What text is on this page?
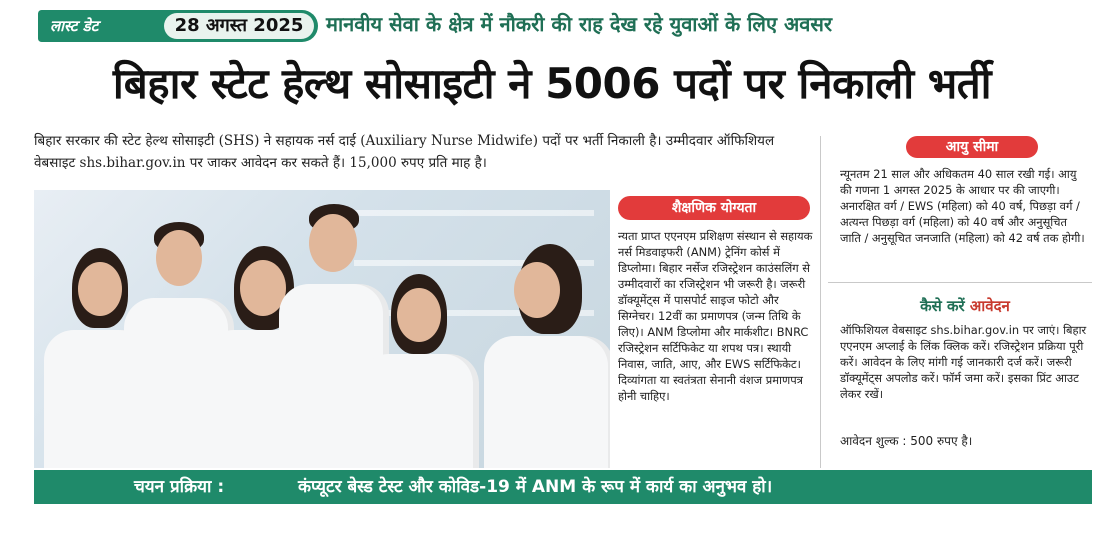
लास्ट डेट	28 अगस्त 2025	मानवीय सेवा के क्षेत्र में नौकरी की राह देख रहे युवाओं के लिए अवसर
बिहार स्टेट हेल्थ सोसाइटी ने 5006 पदों पर निकाली भर्ती
बिहार सरकार की स्टेट हेल्थ सोसाइटी (SHS) ने सहायक नर्स दाई (Auxiliary Nurse Midwife) पदों पर भर्ती निकाली है। उम्मीदवार ऑफिशियल वेबसाइट shs.bihar.gov.in पर जाकर आवेदन कर सकते हैं। 15,000 रुपए प्रति माह है।
शैक्षणिक योग्यता
न्यता प्राप्त एएनएम प्रशिक्षण संस्थान से सहायक नर्स मिडवाइफरी (ANM) ट्रेनिंग कोर्स में डिप्लोमा। बिहार नर्सेज रजिस्ट्रेशन काउंसलिंग से उम्मीदवारों का रजिस्ट्रेशन भी जरूरी है। जरूरी डॉक्यूमेंट्स में पासपोर्ट साइज फोटो और सिग्नेचर। 12वीं का प्रमाणपत्र (जन्म तिथि के लिए)। ANM डिप्लोमा और मार्कशीट। BNRC रजिस्ट्रेशन सर्टिफिकेट या शपथ पत्र। स्थायी निवास, जाति, आए, और EWS सर्टिफिकेट। दिव्यांगता या स्वतंत्रता सेनानी वंशज प्रमाणपत्र होनी चाहिए।
आयु सीमा
न्यूनतम 21 साल और अधिकतम 40 साल रखी गई। आयु की गणना 1 अगस्त 2025 के आधार पर की जाएगी। अनारक्षित वर्ग / EWS (महिला) को 40 वर्ष, पिछड़ा वर्ग / अत्यन्त पिछड़ा वर्ग (महिला) को 40 वर्ष और अनुसूचित जाति / अनुसूचित जनजाति (महिला) को 42 वर्ष तक होगी।
कैसे करें आवेदन
ऑफिशियल वेबसाइट shs.bihar.gov.in पर जाएं। बिहार एएनएम अप्लाई के लिंक क्लिक करें। रजिस्ट्रेशन प्रक्रिया पूरी करें। आवेदन के लिए मांगी गई जानकारी दर्ज करें। जरूरी डॉक्यूमेंट्स अपलोड करें। फॉर्म जमा करें। इसका प्रिंट आउट लेकर रखें।
आवेदन शुल्क : 500 रुपए है।
चयन प्रक्रिया :	कंप्यूटर बेस्ड टेस्ट और कोविड-19 में ANM के रूप में कार्य का अनुभव हो।
